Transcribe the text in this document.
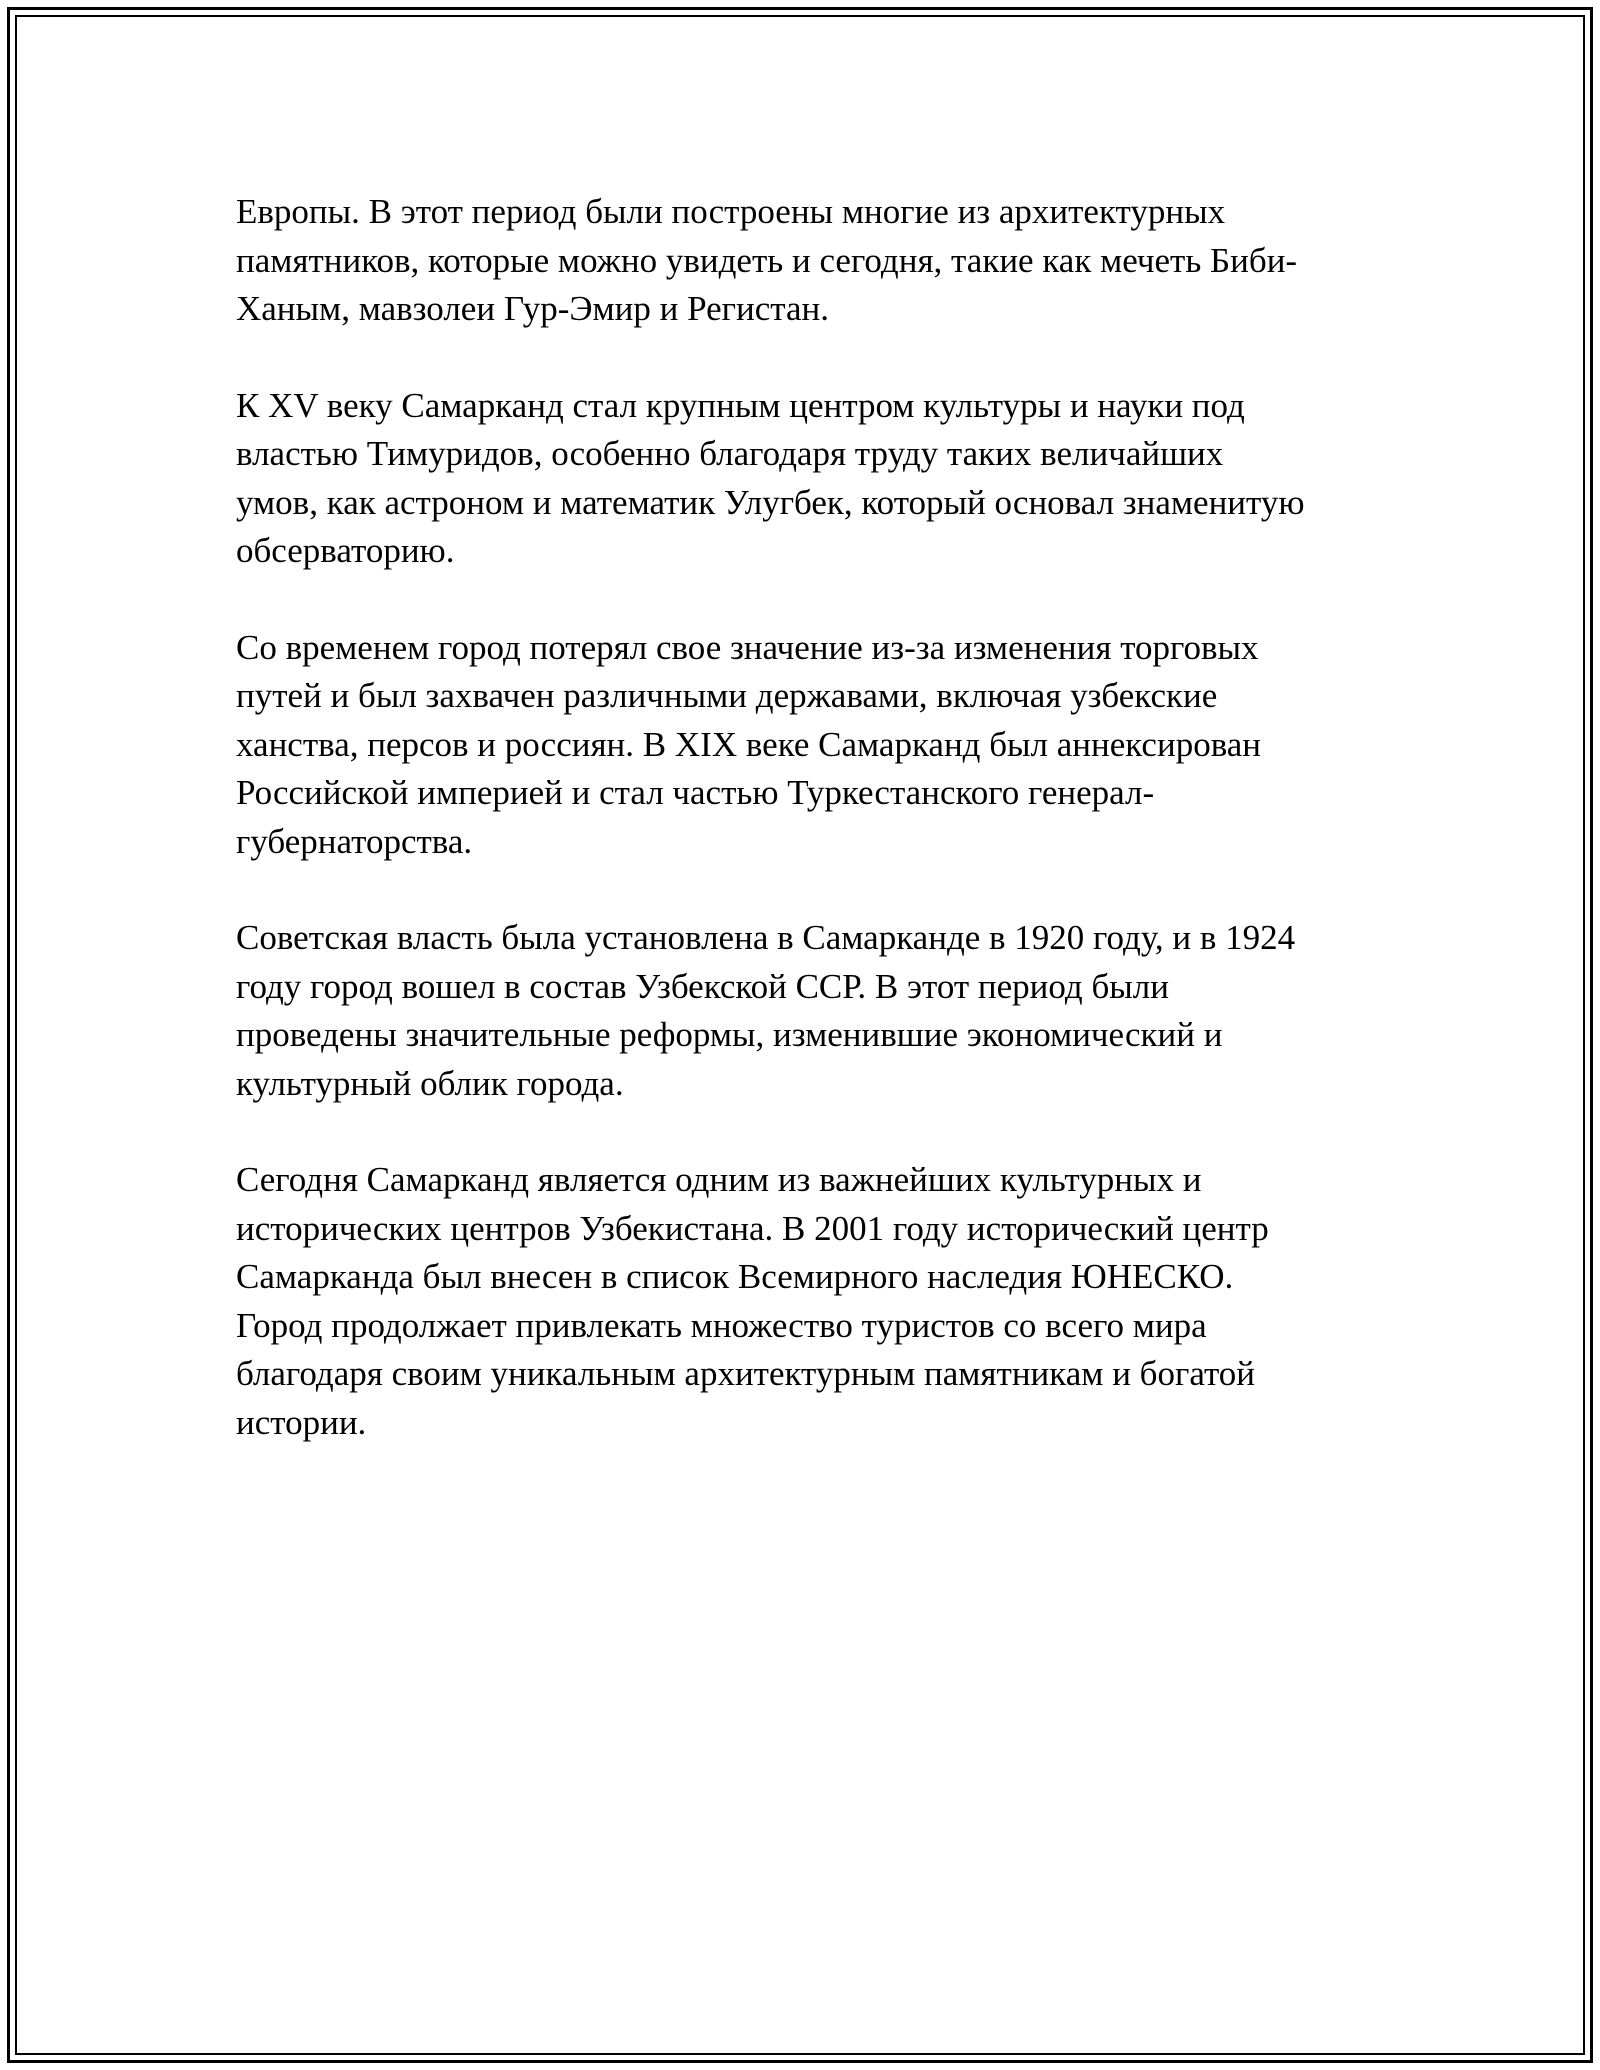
Европы. В этот период были построены многие из архитектурных
памятников, которые можно увидеть и сегодня, такие как мечеть Биби-
Ханым, мавзолеи Гур-Эмир и Регистан.

К XV веку Самарканд стал крупным центром культуры и науки под
властью Тимуридов, особенно благодаря труду таких величайших
умов, как астроном и математик Улугбек, который основал знаменитую
обсерваторию.

Со временем город потерял свое значение из-за изменения торговых
путей и был захвачен различными державами, включая узбекские
ханства, персов и россиян. В XIX веке Самарканд был аннексирован
Российской империей и стал частью Туркестанского генерал-
губернаторства.

Советская власть была установлена в Самарканде в 1920 году, и в 1924
году город вошел в состав Узбекской ССР. В этот период были
проведены значительные реформы, изменившие экономический и
культурный облик города.

Сегодня Самарканд является одним из важнейших культурных и
исторических центров Узбекистана. В 2001 году исторический центр
Самарканда был внесен в список Всемирного наследия ЮНЕСКО.
Город продолжает привлекать множество туристов со всего мира
благодаря своим уникальным архитектурным памятникам и богатой
истории.
